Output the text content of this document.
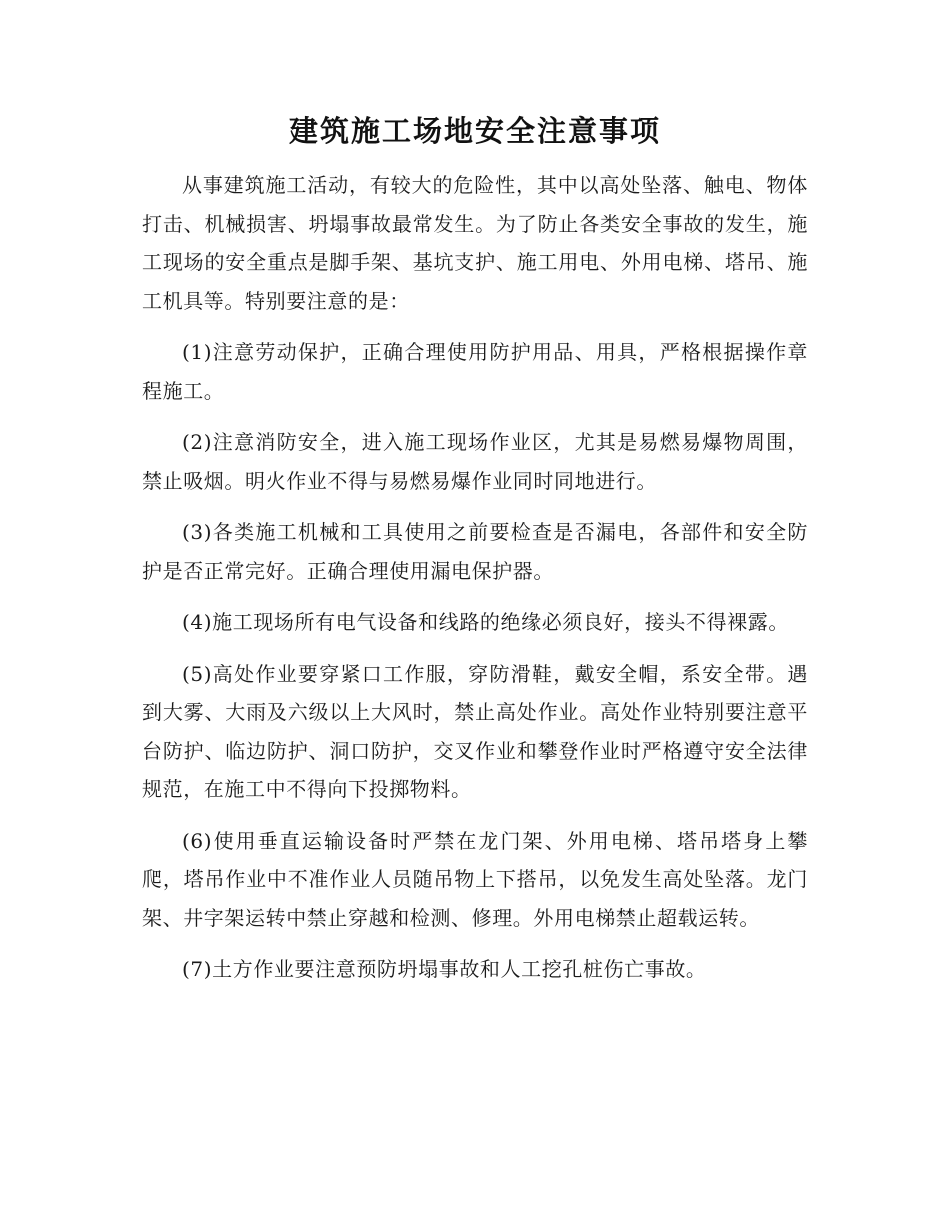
建筑施工场地安全注意事项

从事建筑施工活动，有较大的危险性，其中以高处坠落、触电、物体打击、机械损害、坍塌事故最常发生。为了防止各类安全事故的发生，施工现场的安全重点是脚手架、基坑支护、施工用电、外用电梯、塔吊、施工机具等。特别要注意的是：

(1)注意劳动保护，正确合理使用防护用品、用具，严格根据操作章程施工。

(2)注意消防安全，进入施工现场作业区，尤其是易燃易爆物周围，禁止吸烟。明火作业不得与易燃易爆作业同时同地进行。

(3)各类施工机械和工具使用之前要检查是否漏电，各部件和安全防护是否正常完好。正确合理使用漏电保护器。

(4)施工现场所有电气设备和线路的绝缘必须良好，接头不得裸露。

(5)高处作业要穿紧口工作服，穿防滑鞋，戴安全帽，系安全带。遇到大雾、大雨及六级以上大风时，禁止高处作业。高处作业特别要注意平台防护、临边防护、洞口防护，交叉作业和攀登作业时严格遵守安全法律规范，在施工中不得向下投掷物料。

(6)使用垂直运输设备时严禁在龙门架、外用电梯、塔吊塔身上攀爬，塔吊作业中不准作业人员随吊物上下搭吊，以免发生高处坠落。龙门架、井字架运转中禁止穿越和检测、修理。外用电梯禁止超载运转。

(7)土方作业要注意预防坍塌事故和人工挖孔桩伤亡事故。
